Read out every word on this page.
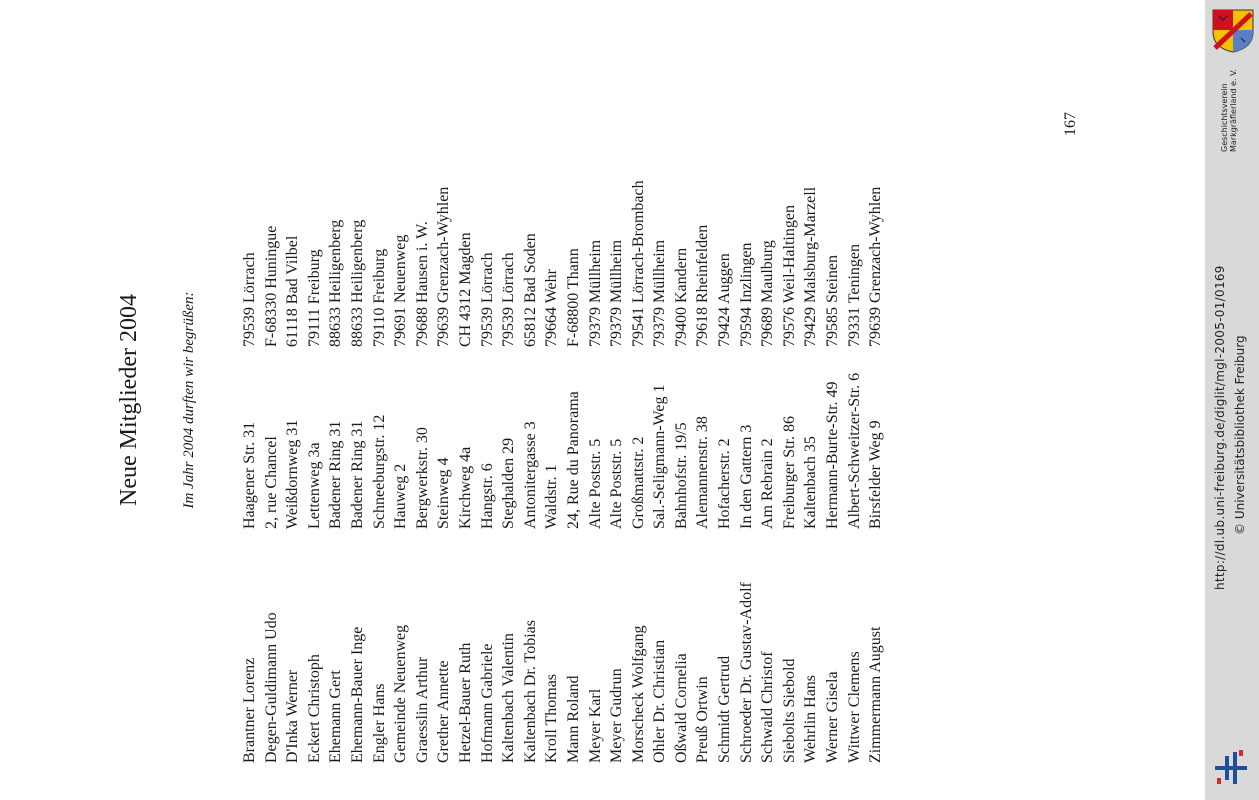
Neue Mitglieder 2004	Im Jahr 2004 durften wir begrüßen:
Brantner Lorenz Degen-Guldimann Udo D'Inka Werner Eckert Christoph Ehemann Gert Ehemann-Bauer Inge Engler Hans Gemeinde Neuenweg Graesslin Arthur Grether Annette Hetzel-Bauer Ruth Hofmann Gabriele Kaltenbach Valentin Kaltenbach Dr. Tobias Kroll Thomas Mann Roland Meyer Karl Meyer Gudrun Morscheck Wolfgang Ohler Dr. Christian Oßwald Cornelia Preuß Ortwin Schmidt Gertrud Schroeder Dr. Gustav-Adolf Schwald Christof Siebolts Siebold Wehrlin Hans Werner Gisela Wittwer Clemens Zimmermann August
Haagener Str. 31 2, rue Chancel Weißdornweg 31 Lettenweg 3a Badener Ring 31 Badener Ring 31 Schneeburgstr. 12 Hauweg 2 Bergwerkstr. 30 Steinweg 4 Kirchweg 4a Hangstr. 6 Steghalden 29 Antonitergasse 3 Waldstr. 1 24, Rue du Panorama Alte Poststr. 5 Alte Poststr. 5 Großmattstr. 2 Sal.-Seligmann-Weg 1 Bahnhofstr. 19/5 Alemannenstr. 38 Hofacherstr. 2 In den Gattern 3 Am Rebrain 2 Freiburger Str. 86 Kaltenbach 35 Hermann-Burte-Str. 49 Albert-Schweitzer-Str. 6 Birsfelder Weg 9
79539 Lörrach F-68330 Huningue 61118 Bad Vilbel 79111 Freiburg 88633 Heiligenberg 88633 Heiligenberg 79110 Freiburg 79691 Neuenweg 79688 Hausen i. W. 79639 Grenzach-Wyhlen CH 4312 Magden 79539 Lörrach 79539 Lörrach 65812 Bad Soden 79664 Wehr F-68800 Thann 79379 Müllheim 79379 Müllheim 79541 Lörrach-Brombach 79379 Müllheim 79400 Kandern 79618 Rheinfelden 79424 Auggen 79594 Inzlingen 79689 Maulburg 79576 Weil-Haltingen 79429 Malsburg-Marzell 79585 Steinen 79331 Teningen 79639 Grenzach-Wyhlen
167	Geschichtsverein Markgräflerland e. V.
http://dl.ub.uni-freiburg.de/diglit/mgl-2005-01/0169 © Universitätsbibliothek Freiburg
